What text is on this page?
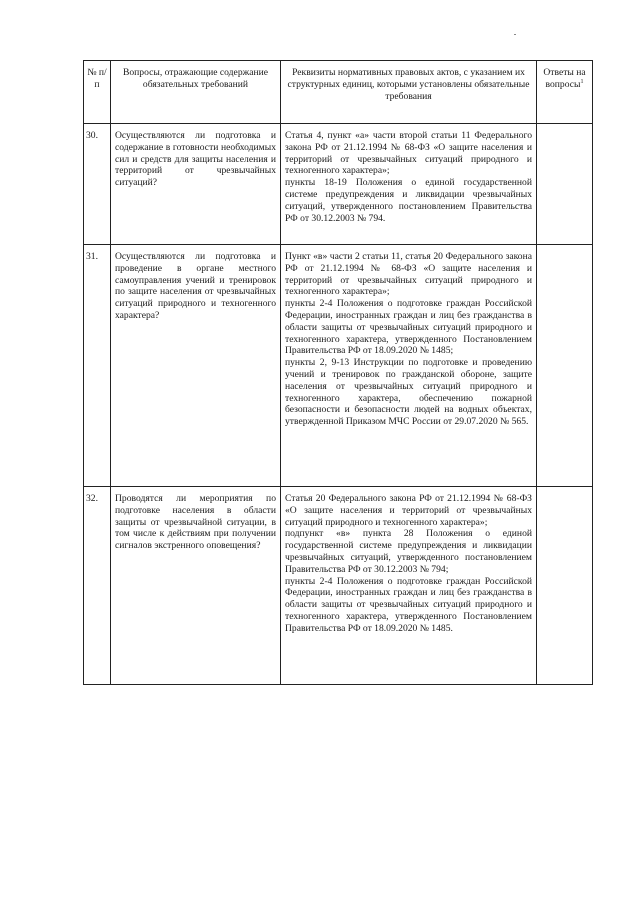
№ п/п	Вопросы, отражающие содержание обязательных требований	Реквизиты нормативных правовых актов, с указанием их структурных единиц, которыми установлены обязательные требования	Ответы на вопросы$^1$
30.	Осуществляются ли подготовка и содержание в готовности необходимых сил и средств для защиты населения и территорий от чрезвычайных ситуаций?	Статья 4, пункт «а» части второй статьи 11 Федерального закона РФ от 21.12.1994 № 68-ФЗ «О защите населения и территорий от чрезвычайных ситуаций природного и техногенного характера»;

пункты 18-19 Положения о единой государственной системе предупреждения и ликвидации чрезвычайных ситуаций, утвержденного постановлением Правительства РФ от 30.12.2003 № 794.	

31.	Осуществляются ли подготовка и проведение в органе местного самоуправления учений и тренировок по защите населения от чрезвычайных ситуаций природного и техногенного характера?	Пункт «в» части 2 статьи 11, статья 20 Федерального закона РФ от 21.12.1994 № 68-ФЗ «О защите населения и территорий от чрезвычайных ситуаций природного и техногенного характера»;

пункты 2-4 Положения о подготовке граждан Российской Федерации, иностранных граждан и лиц без гражданства в области защиты от чрезвычайных ситуаций природного и техногенного характера, утвержденного Постановлением Правительства РФ от 18.09.2020 № 1485;

пункты 2, 9-13 Инструкции по подготовке и проведению учений и тренировок по гражданской обороне, защите населения от чрезвычайных ситуаций природного и техногенного характера, обеспечению пожарной безопасности и безопасности людей на водных объектах, утвержденной Приказом МЧС России от 29.07.2020 № 565.	

32.	Проводятся ли мероприятия по подготовке населения в области защиты от чрезвычайной ситуации, в том числе к действиям при получении сигналов экстренного оповещения?	Статья 20 Федерального закона РФ от 21.12.1994 № 68-ФЗ «О защите населения и территорий от чрезвычайных ситуаций природного и техногенного характера»;

подпункт «в» пункта 28 Положения о единой государственной системе предупреждения и ликвидации чрезвычайных ситуаций, утвержденного постановлением Правительства РФ от 30.12.2003 № 794;

пункты 2-4 Положения о подготовке граждан Российской Федерации, иностранных граждан и лиц без гражданства в области защиты от чрезвычайных ситуаций природного и техногенного характера, утвержденного Постановлением Правительства РФ от 18.09.2020 № 1485.	
